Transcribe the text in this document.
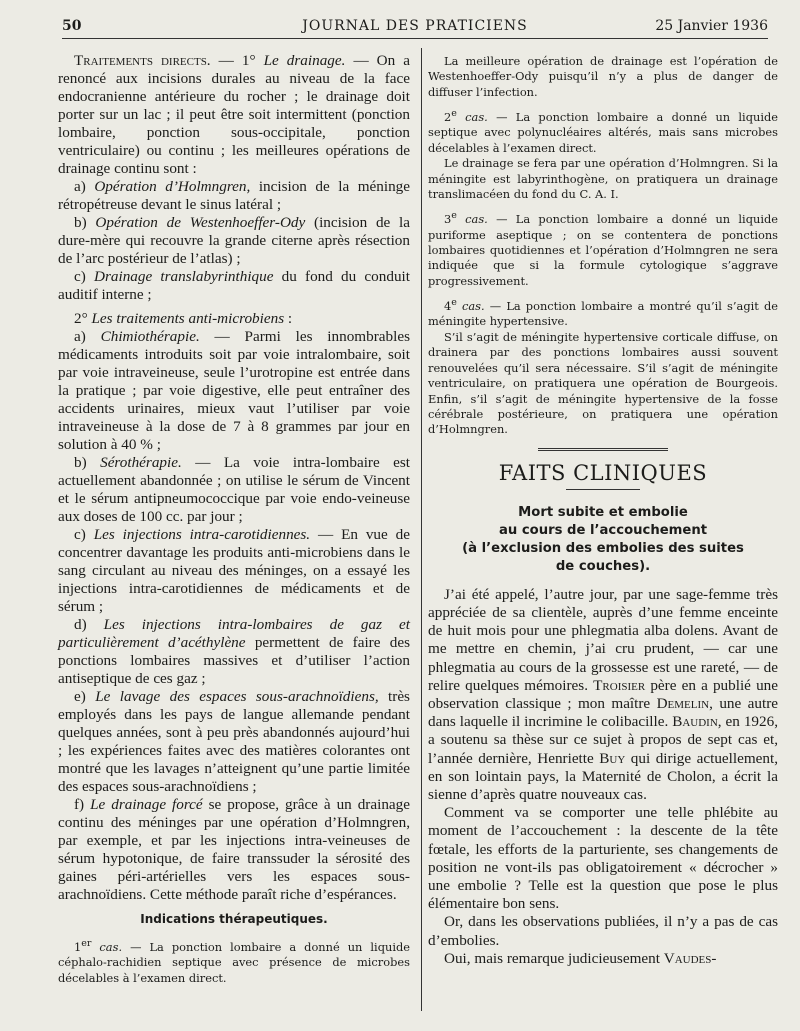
50	JOURNAL DES PRATICIENS	25 Janvier 1936

Traitements directs. — 1° Le drainage. — On a renoncé aux incisions durales au niveau de la face endocranienne antérieure du rocher ; le drainage doit porter sur un lac ; il peut être soit intermittent (ponction lombaire, ponction sous-occipitale, ponction ventriculaire) ou continu ; les meilleures opérations de drainage continu sont :

a) Opération d’Holmngren, incision de la méninge rétropétreuse devant le sinus latéral ;

b) Opération de Westenhoeffer-Ody (incision de la dure-mère qui recouvre la grande citerne après résection de l’arc postérieur de l’atlas) ;

c) Drainage translabyrinthique du fond du conduit auditif interne ;

2° Les traitements anti-microbiens :

a) Chimiothérapie. — Parmi les innombrables médicaments introduits soit par voie intralombaire, soit par voie intraveineuse, seule l’urotropine est entrée dans la pratique ; par voie digestive, elle peut entraîner des accidents urinaires, mieux vaut l’utiliser par voie intraveineuse à la dose de 7 à 8 grammes par jour en solution à 40 % ;

b) Sérothérapie. — La voie intra-lombaire est actuellement abandonnée ; on utilise le sérum de Vincent et le sérum antipneumococcique par voie endo-veineuse aux doses de 100 cc. par jour ;

c) Les injections intra-carotidiennes. — En vue de concentrer davantage les produits anti-microbiens dans le sang circulant au niveau des méninges, on a essayé les injections intra-carotidiennes de médicaments et de sérum ;

d) Les injections intra-lombaires de gaz et particulièrement d’acéthylène permettent de faire des ponctions lombaires massives et d’utiliser l’action antiseptique de ces gaz ;

e) Le lavage des espaces sous-arachnoïdiens, très employés dans les pays de langue allemande pendant quelques années, sont à peu près abandonnés aujourd’hui ; les expériences faites avec des matières colorantes ont montré que les lavages n’atteignent qu’une partie limitée des espaces sous-arachnoïdiens ;

f) Le drainage forcé se propose, grâce à un drainage continu des méninges par une opération d’Holmngren, par exemple, et par les injections intra-veineuses de sérum hypotonique, de faire transsuder la sérosité des gaines péri-artérielles vers les espaces sous-arachnoïdiens. Cette méthode paraît riche d’espérances.

Indications thérapeutiques.

1er cas. — La ponction lombaire a donné un liquide céphalo-rachidien septique avec présence de microbes décelables à l’examen direct.

La meilleure opération de drainage est l’opération de Westenhoeffer-Ody puisqu’il n’y a plus de danger de diffuser l’infection.

2e cas. — La ponction lombaire a donné un liquide septique avec polynucléaires altérés, mais sans microbes décelables à l’examen direct.

Le drainage se fera par une opération d’Holmngren. Si la méningite est labyrinthogène, on pratiquera un drainage translimacéen du fond du C. A. I.

3e cas. — La ponction lombaire a donné un liquide puriforme aseptique ; on se contentera de ponctions lombaires quotidiennes et l’opération d’Holmngren ne sera indiquée que si la formule cytologique s’aggrave progressivement.

4e cas. — La ponction lombaire a montré qu’il s’agit de méningite hypertensive.

S’il s’agit de méningite hypertensive corticale diffuse, on drainera par des ponctions lombaires aussi souvent renouvelées qu’il sera nécessaire. S’il s’agit de méningite ventriculaire, on pratiquera une opération de Bourgeois. Enfin, s’il s’agit de méningite hypertensive de la fosse cérébrale postérieure, on pratiquera une opération d’Holmngren.

FAITS CLINIQUES
Mort subite et embolie
au cours de l’accouchement
(à l’exclusion des embolies des suites
de couches).

J’ai été appelé, l’autre jour, par une sage-femme très appréciée de sa clientèle, auprès d’une femme enceinte de huit mois pour une phlegmatia alba dolens. Avant de me mettre en chemin, j’ai cru prudent, — car une phlegmatia au cours de la grossesse est une rareté, — de relire quelques mémoires. Troisier père en a publié une observation classique ; mon maître Demelin, une autre dans laquelle il incrimine le colibacille. Baudin, en 1926, a soutenu sa thèse sur ce sujet à propos de sept cas et, l’année dernière, Henriette Buy qui dirige actuellement, en son lointain pays, la Maternité de Cholon, a écrit la sienne d’après quatre nouveaux cas.

Comment va se comporter une telle phlébite au moment de l’accouchement : la descente de la tête fœtale, les efforts de la parturiente, ses changements de position ne vont-ils pas obligatoirement « décrocher » une embolie ? Telle est la question que pose le plus élémentaire bon sens.

Or, dans les observations publiées, il n’y a pas de cas d’embolies.

Oui, mais remarque judicieusement Vaudes-
